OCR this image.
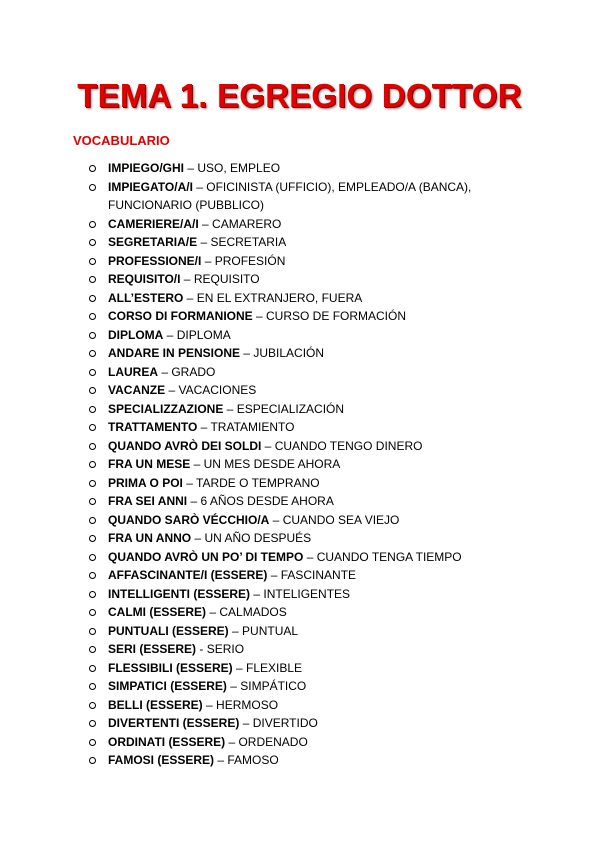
TEMA 1. EGREGIO DOTTOR
VOCABULARIO
IMPIEGO/GHI – USO, EMPLEO
IMPIEGATO/A/I – OFICINISTA (UFFICIO), EMPLEADO/A (BANCA), FUNCIONARIO (PUBBLICO)
CAMERIERE/A/I – CAMARERO
SEGRETARIA/E – SECRETARIA
PROFESSIONE/I – PROFESIÓN
REQUISITO/I – REQUISITO
ALL’ESTERO – EN EL EXTRANJERO, FUERA
CORSO DI FORMANIONE – CURSO DE FORMACIÓN
DIPLOMA – DIPLOMA
ANDARE IN PENSIONE – JUBILACIÓN
LAUREA – GRADO
VACANZE – VACACIONES
SPECIALIZZAZIONE – ESPECIALIZACIÓN
TRATTAMENTO – TRATAMIENTO
QUANDO AVRÒ DEI SOLDI – CUANDO TENGO DINERO
FRA UN MESE – UN MES DESDE AHORA
PRIMA O POI – TARDE O TEMPRANO
FRA SEI ANNI – 6 AÑOS DESDE AHORA
QUANDO SARÒ VÉCCHIO/A – CUANDO SEA VIEJO
FRA UN ANNO – UN AÑO DESPUÉS
QUANDO AVRÒ UN PO’ DI TEMPO – CUANDO TENGA TIEMPO
AFFASCINANTE/I (ESSERE) – FASCINANTE
INTELLIGENTI (ESSERE) – INTELIGENTES
CALMI (ESSERE) – CALMADOS
PUNTUALI (ESSERE) – PUNTUAL
SERI (ESSERE) - SERIO
FLESSIBILI (ESSERE) – FLEXIBLE
SIMPATICI (ESSERE) – SIMPÁTICO
BELLI (ESSERE) – HERMOSO
DIVERTENTI (ESSERE) – DIVERTIDO
ORDINATI (ESSERE) – ORDENADO
FAMOSI (ESSERE) – FAMOSO
